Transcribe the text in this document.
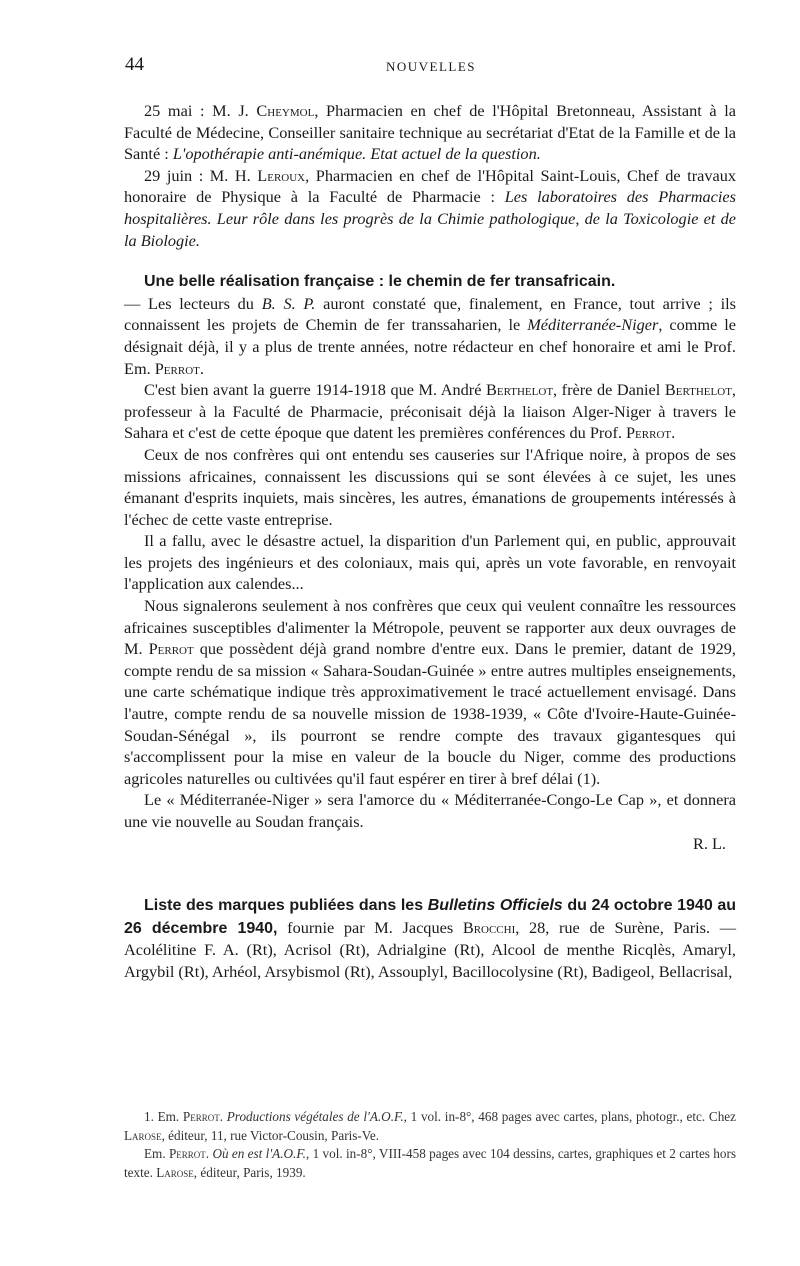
44	NOUVELLES

25 mai : M. J. Cheymol, Pharmacien en chef de l'Hôpital Bretonneau, Assistant à la Faculté de Médecine, Conseiller sanitaire technique au secrétariat d'Etat de la Famille et de la Santé : L'opothérapie anti-anémique. Etat actuel de la question.

29 juin : M. H. Leroux, Pharmacien en chef de l'Hôpital Saint-Louis, Chef de travaux honoraire de Physique à la Faculté de Pharmacie : Les laboratoires des Pharmacies hospitalières. Leur rôle dans les progrès de la Chimie pathologique, de la Toxicologie et de la Biologie.

Une belle réalisation française : le chemin de fer transafricain.

— Les lecteurs du B. S. P. auront constaté que, finalement, en France, tout arrive ; ils connaissent les projets de Chemin de fer transsaharien, le Méditerranée-Niger, comme le désignait déjà, il y a plus de trente années, notre rédacteur en chef honoraire et ami le Prof. Em. Perrot.

C'est bien avant la guerre 1914-1918 que M. André Berthelot, frère de Daniel Berthelot, professeur à la Faculté de Pharmacie, préconisait déjà la liaison Alger-Niger à travers le Sahara et c'est de cette époque que datent les premières conférences du Prof. Perrot.

Ceux de nos confrères qui ont entendu ses causeries sur l'Afrique noire, à propos de ses missions africaines, connaissent les discussions qui se sont élevées à ce sujet, les unes émanant d'esprits inquiets, mais sincères, les autres, émanations de groupements intéressés à l'échec de cette vaste entreprise.

Il a fallu, avec le désastre actuel, la disparition d'un Parlement qui, en public, approuvait les projets des ingénieurs et des coloniaux, mais qui, après un vote favorable, en renvoyait l'application aux calendes...

Nous signalerons seulement à nos confrères que ceux qui veulent connaître les ressources africaines susceptibles d'alimenter la Métropole, peuvent se rapporter aux deux ouvrages de M. Perrot que possèdent déjà grand nombre d'entre eux. Dans le premier, datant de 1929, compte rendu de sa mission « Sahara-Soudan-Guinée » entre autres multiples enseignements, une carte schématique indique très approximativement le tracé actuellement envisagé. Dans l'autre, compte rendu de sa nouvelle mission de 1938-1939, « Côte d'Ivoire-Haute-Guinée-Soudan-Sénégal », ils pourront se rendre compte des travaux gigantesques qui s'accomplissent pour la mise en valeur de la boucle du Niger, comme des productions agricoles naturelles ou cultivées qu'il faut espérer en tirer à bref délai (1).

Le « Méditerranée-Niger » sera l'amorce du « Méditerranée-Congo-Le Cap », et donnera une vie nouvelle au Soudan français.

R. L.

Liste des marques publiées dans les Bulletins Officiels du 24 octobre 1940 au 26 décembre 1940, fournie par M. Jacques Brocchi, 28, rue de Surène, Paris. — Acolélitine F. A. (Rt), Acrisol (Rt), Adrialgine (Rt), Alcool de menthe Ricqlès, Amaryl, Argybil (Rt), Arhéol, Arsybismol (Rt), Assouplyl, Bacillocolysine (Rt), Badigeol, Bellacrisal,

1. Em. Perrot. Productions végétales de l'A.O.F., 1 vol. in-8°, 468 pages avec cartes, plans, photogr., etc. Chez Larose, éditeur, 11, rue Victor-Cousin, Paris-Ve.

Em. Perrot. Où en est l'A.O.F., 1 vol. in-8°, VIII-458 pages avec 104 dessins, cartes, graphiques et 2 cartes hors texte. Larose, éditeur, Paris, 1939.
